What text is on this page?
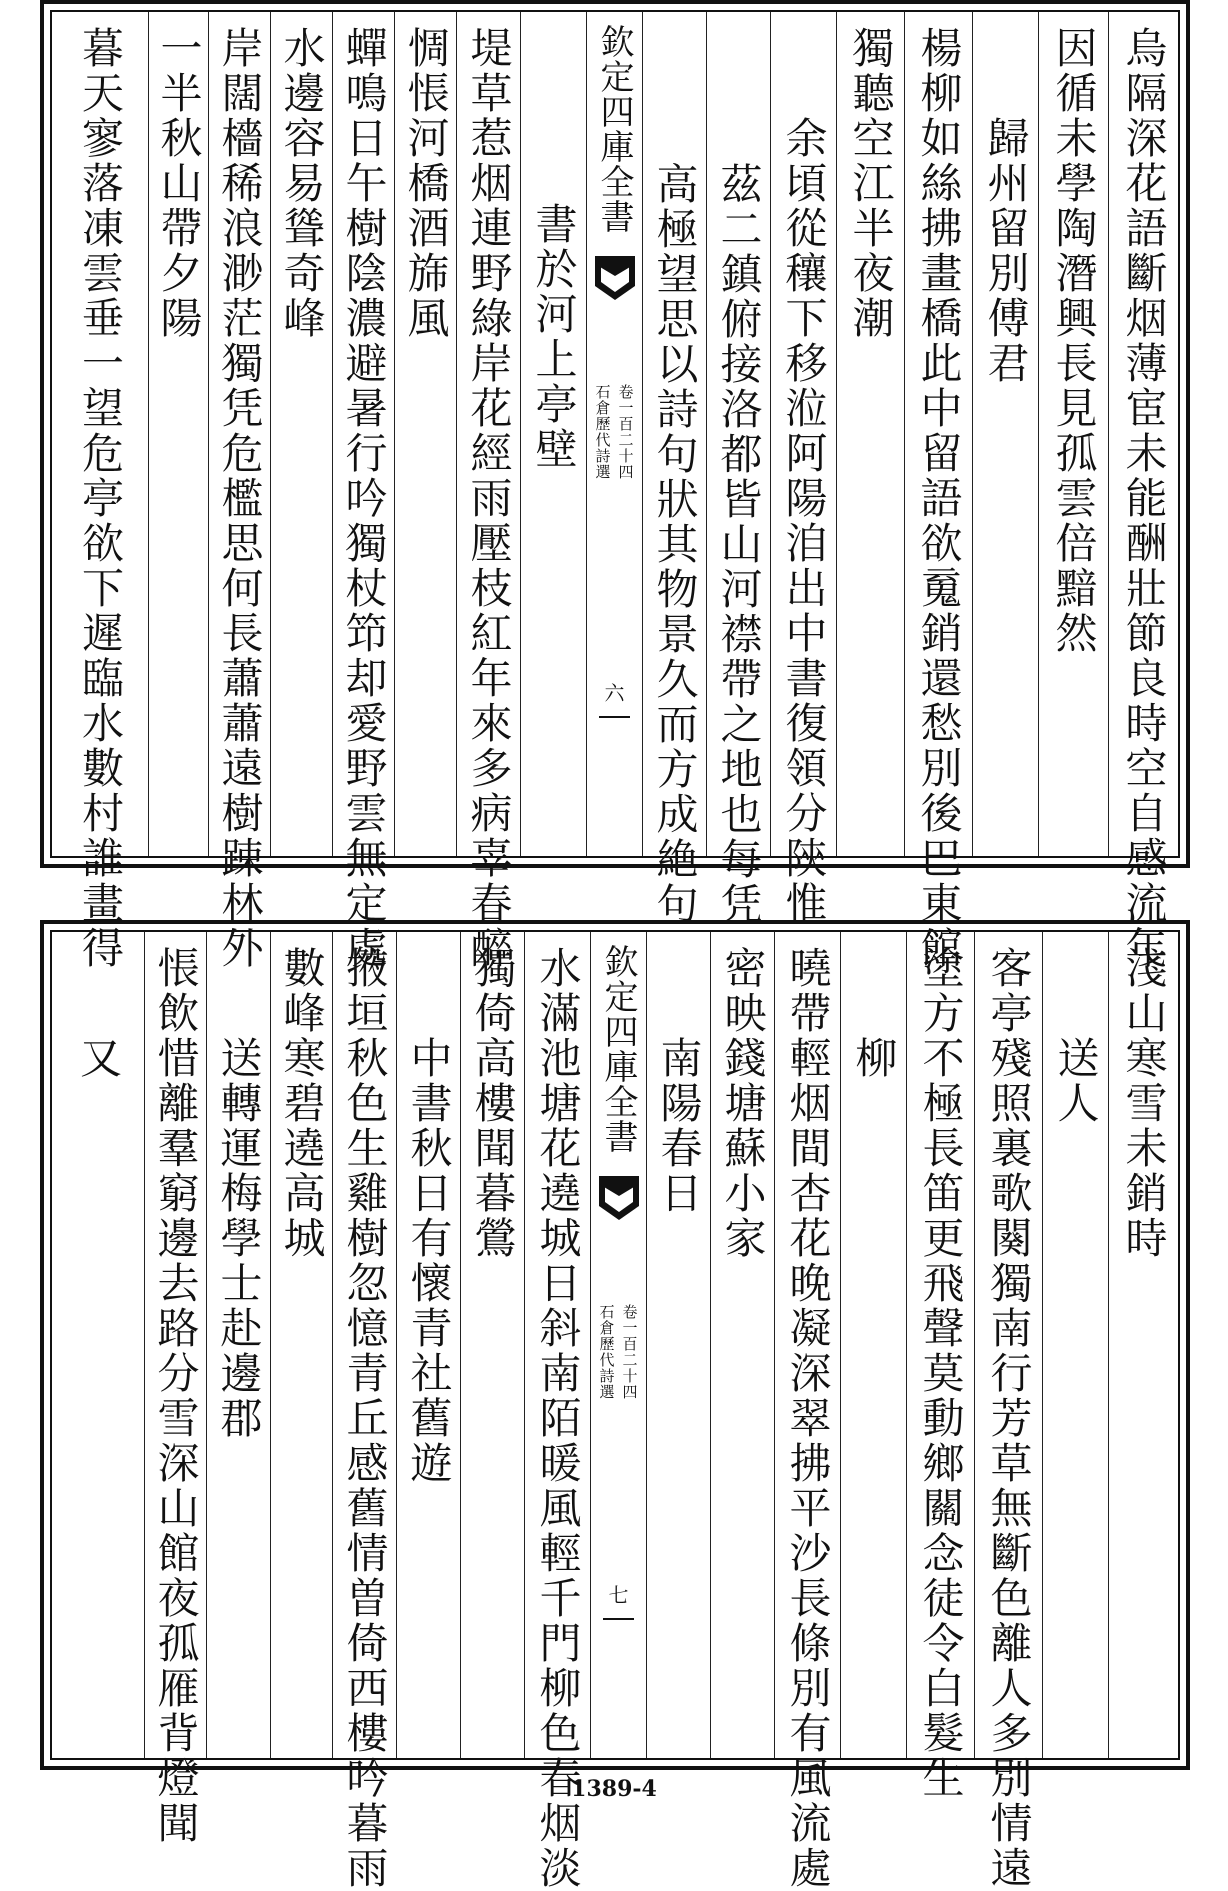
烏隔深花語斷烟薄宦未能酬壯節良時空自感流年
因循未學陶潛興長見孤雲倍黯然
歸州留別傅君
楊柳如絲拂畫橋此中留語欲䰟銷還愁別後巴東館
獨聽空江半夜潮
余頃從穰下移涖阿陽洎出中書復領分陝惟
茲二鎮俯接洛都皆山河襟帶之地也每凭
高極望思以詩句狀其物景久而方成絶句
欽定四庫全書
石倉歷代詩選 卷一百二十四
六
書於河上亭壁
堤草惹烟連野綠岸花經雨壓枝紅年來多病辜春醉
惆悵河橋酒旆風
蟬鳴日午樹陰濃避暑行吟獨杖笻却愛野雲無定處
水邊容易聳奇峰
岸闊檣稀浪渺茫獨凭危檻思何長蕭蕭遠樹踈林外
一半秋山帶夕陽
暮天寥落凍雲垂一望危亭欲下遲臨水數村誰畫得
淺山寒雪未銷時
送人
客亭殘照裏歌闋獨南行芳草無斷色離人多別情遠
塗方不極長笛更飛聲莫動鄉關念徒令白髮生
柳
曉帶輕烟間杏花晚凝深翠拂平沙長條別有風流處
密映錢塘蘇小家
南陽春日
欽定四庫全書
石倉歷代詩選 卷一百二十四
七
水滿池塘花遶城日斜南陌暖風輕千門柳色春烟淡
獨倚高樓聞暮鶯
中書秋日有懷青社舊遊
掖垣秋色生雞樹忽憶青丘感舊情曽倚西樓吟暮雨
數峰寒碧遶高城
送轉運梅學士赴邊郡
悵飲惜離羣窮邊去路分雪深山館夜孤雁背燈聞
又
1389-4
